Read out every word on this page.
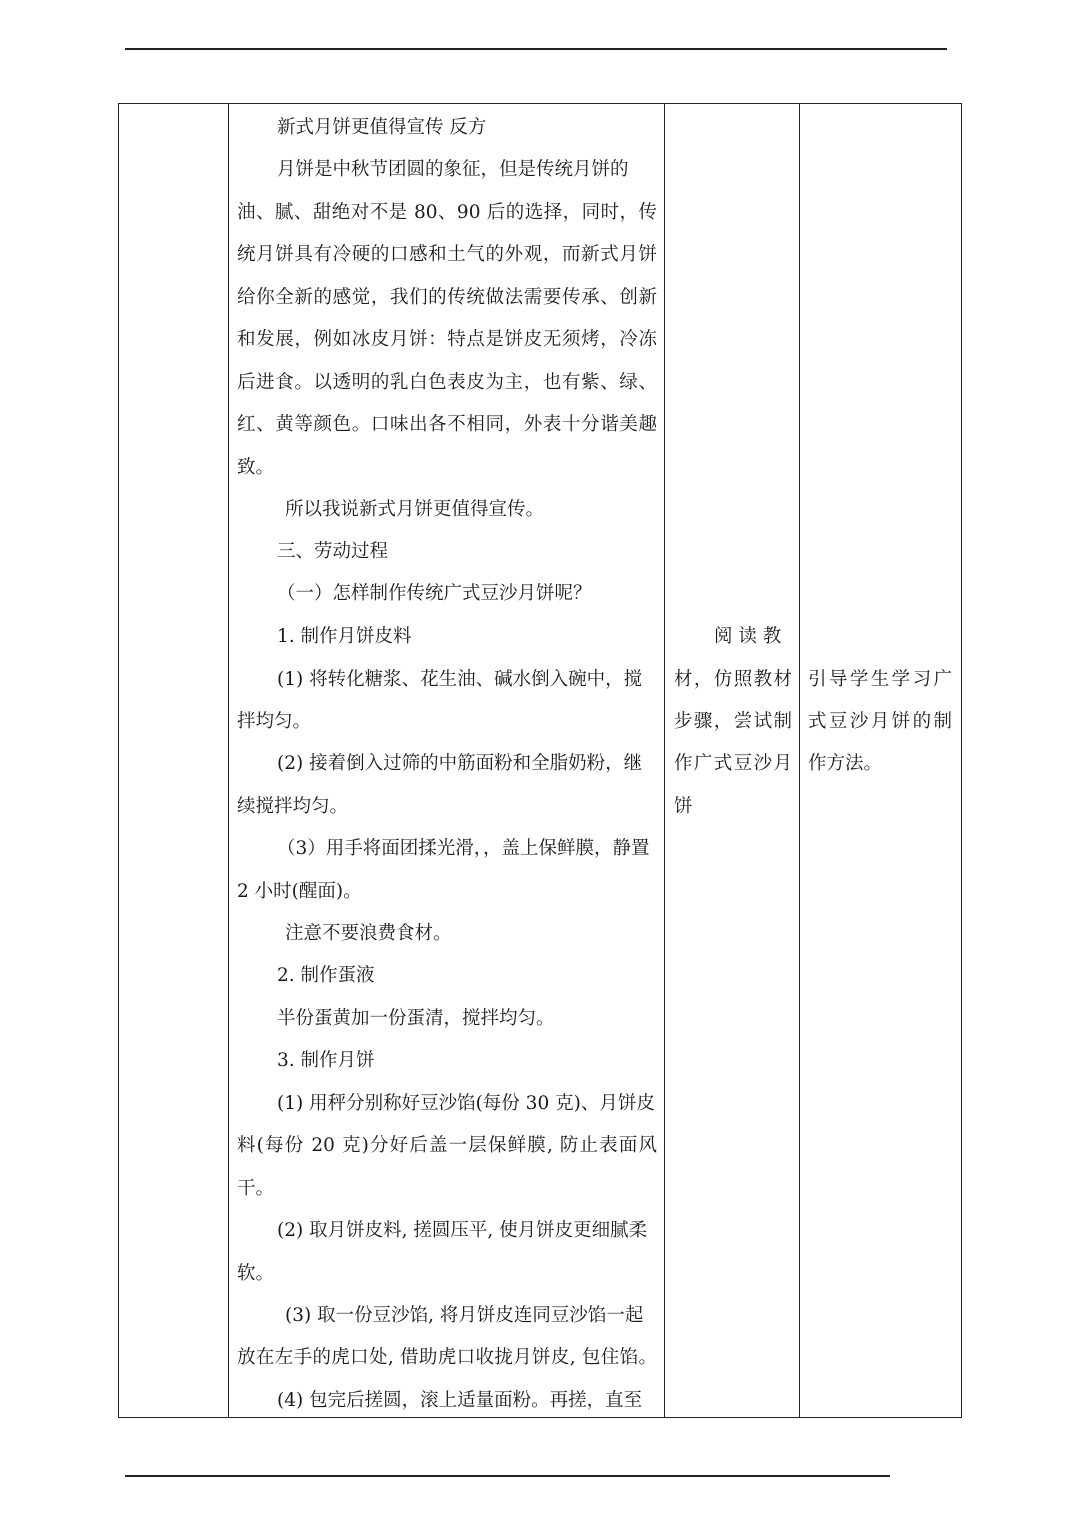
新式月饼更值得宣传 反方
月饼是中秋节团圆的象征，但是传统月饼的
油、腻、甜绝对不是 80、90 后的选择，同时，传
统月饼具有冷硬的口感和土气的外观，而新式月饼
给你全新的感觉，我们的传统做法需要传承、创新
和发展，例如冰皮月饼：特点是饼皮无须烤，冷冻
后进食。以透明的乳白色表皮为主，也有紫、绿、
红、黄等颜色。口味出各不相同，外表十分谐美趣
致。
所以我说新式月饼更值得宣传。
三、劳动过程
（一）怎样制作传统广式豆沙月饼呢？
1. 制作月饼皮料
(1) 将转化糖浆、花生油、碱水倒入碗中，搅
拌均匀。
(2) 接着倒入过筛的中筋面粉和全脂奶粉，继
续搅拌均匀。
（3）用手将面团揉光滑，，盖上保鲜膜，静置
2 小时(醒面)。
注意不要浪费食材。
2. 制作蛋液
半份蛋黄加一份蛋清，搅拌均匀。
3. 制作月饼
(1) 用秤分别称好豆沙馅(每份 30 克)、月饼皮
料(每份 20 克)分好后盖一层保鲜膜, 防止表面风
干。
(2) 取月饼皮料, 搓圆压平, 使月饼皮更细腻柔
软。
(3) 取一份豆沙馅, 将月饼皮连同豆沙馅一起
放在左手的虎口处, 借助虎口收拢月饼皮, 包住馅。
(4) 包完后搓圆，滚上适量面粉。再搓，直至
阅 读 教
材，仿照教材
步骤，尝试制
作广式豆沙月
饼
引导学生学习广
式豆沙月饼的制
作方法。
